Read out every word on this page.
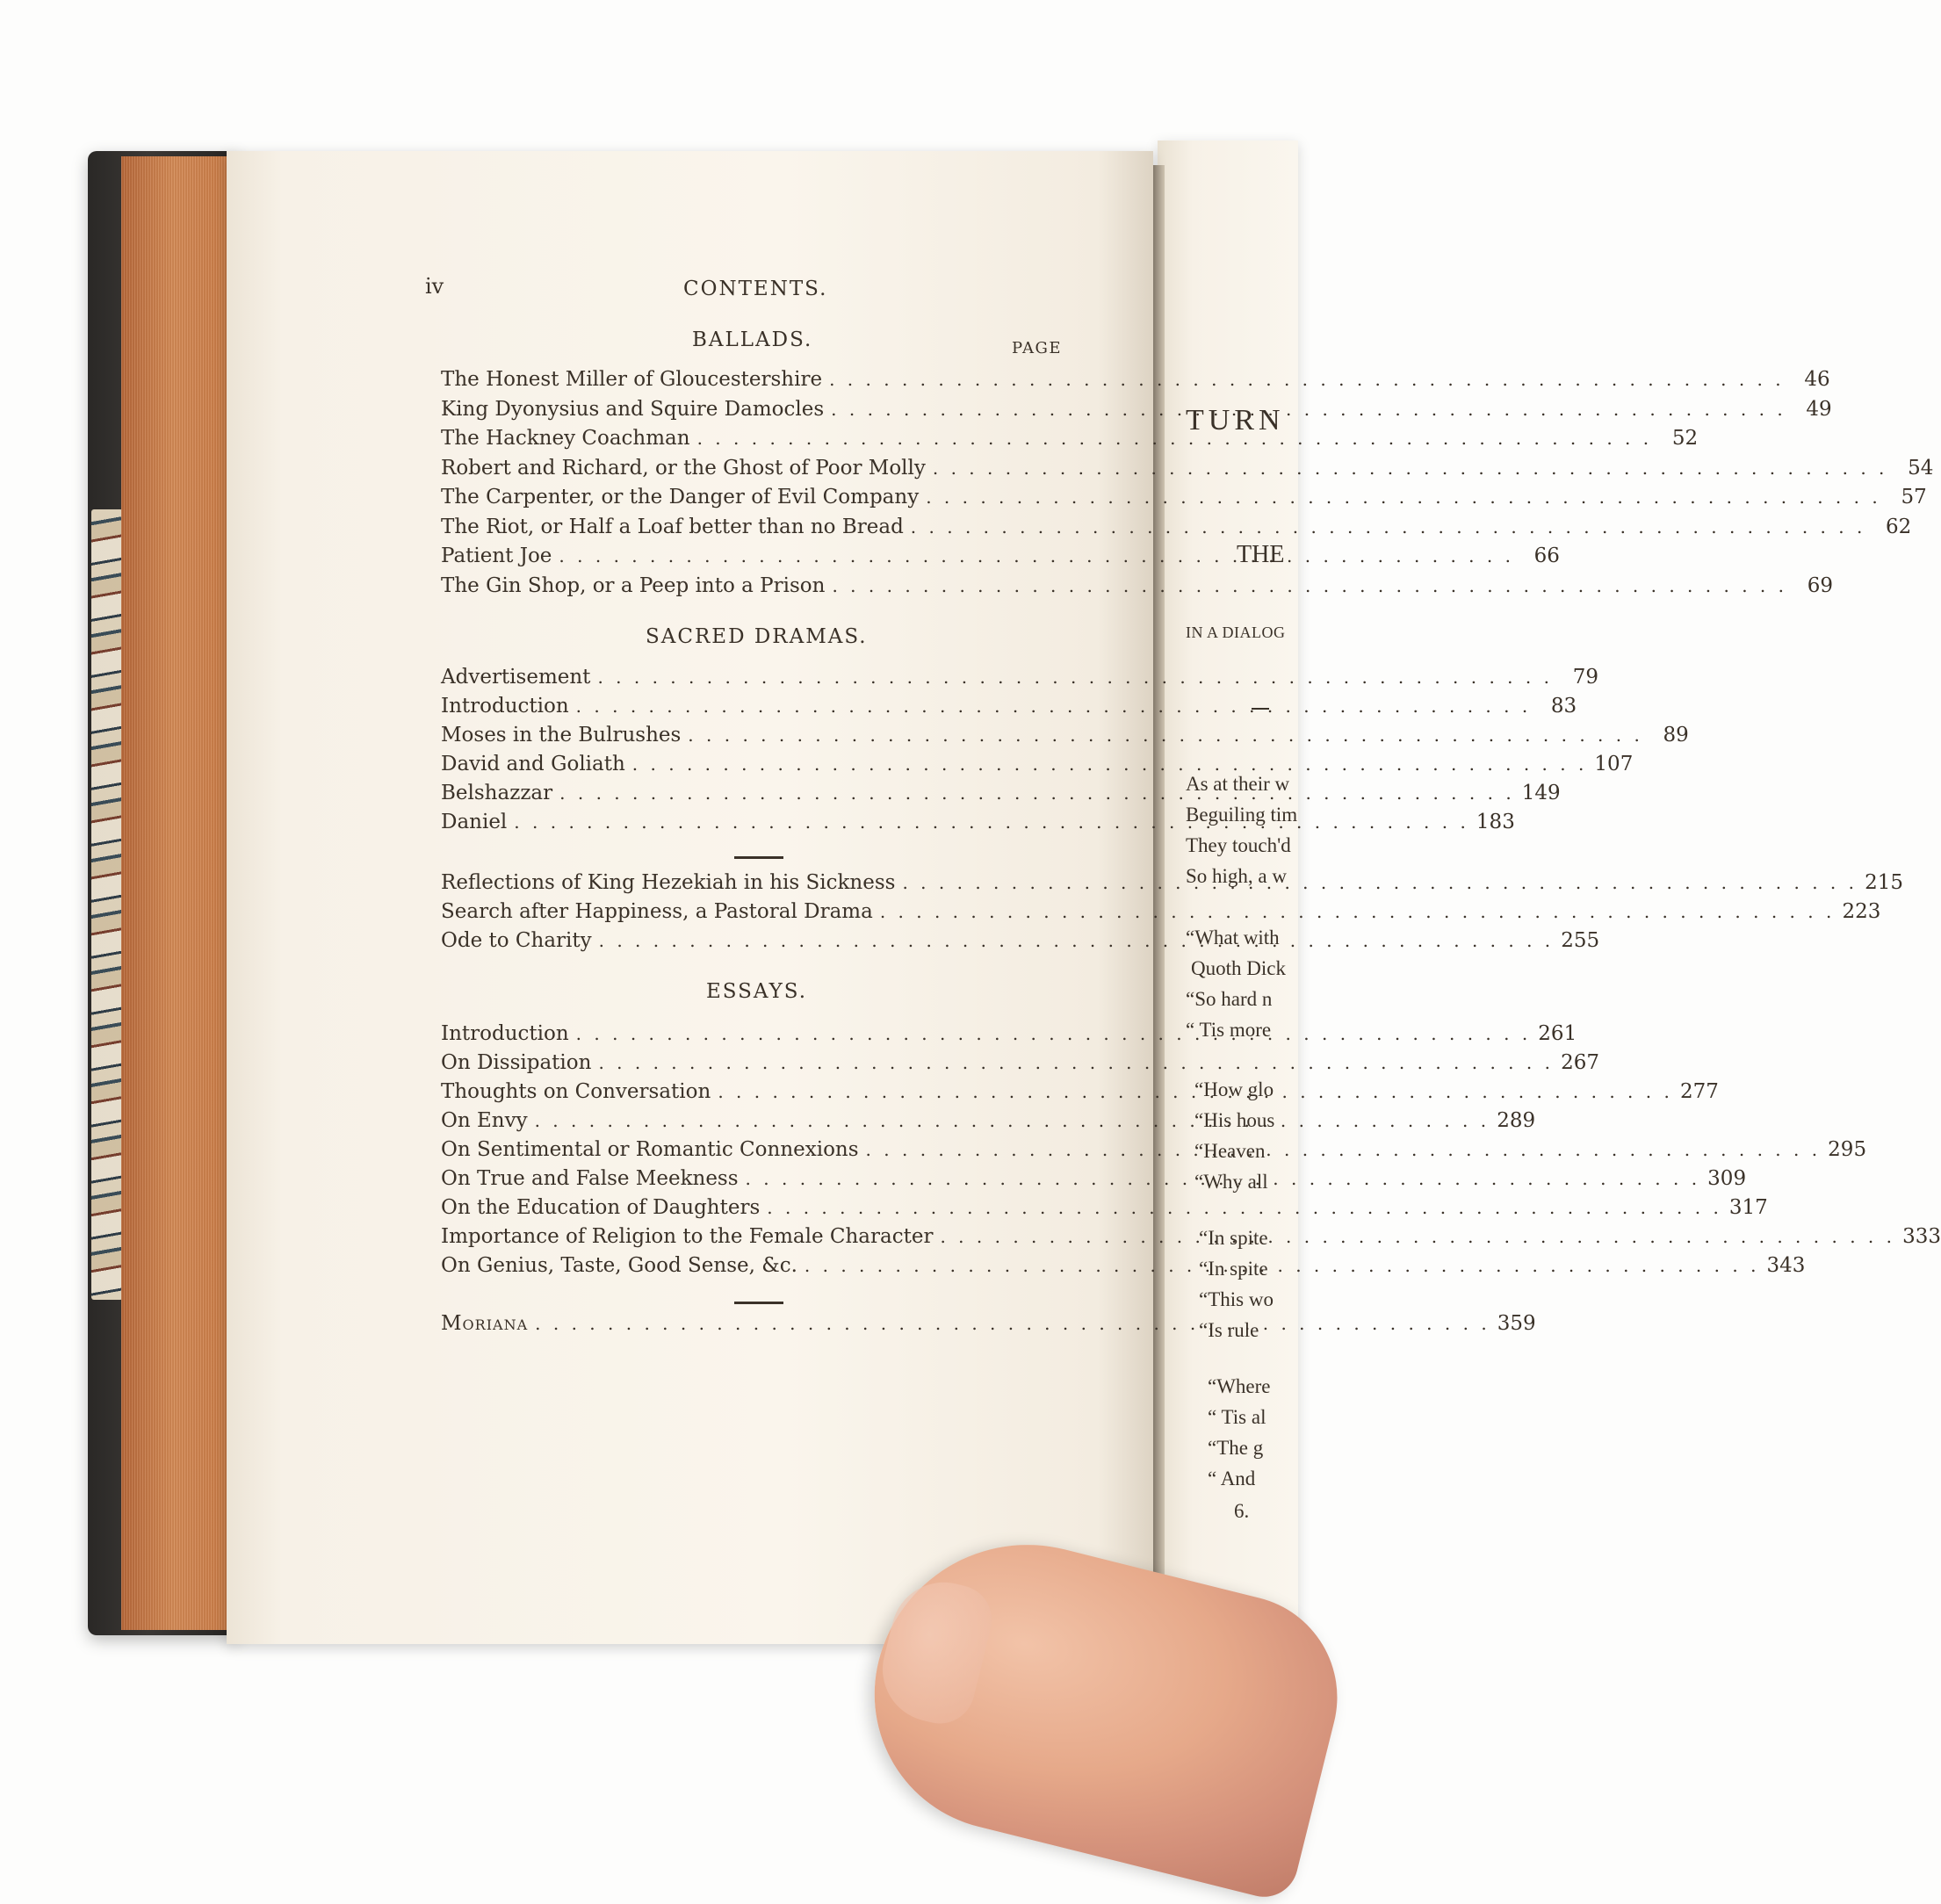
iv	CONTENTS.
BALLADS.	PAGE
The Honest Miller of Gloucestershire . . .	46
King Dyonysius and Squire Damocles . . .	49
The Hackney Coachman . . .	52
Robert and Richard, or the Ghost of Poor Molly . . .	54
The Carpenter, or the Danger of Evil Company . . .	57
The Riot, or Half a Loaf better than no Bread . . .	62
Patient Joe . . .	66
The Gin Shop, or a Peep into a Prison . . .	69
SACRED DRAMAS.
Advertisement . . .	79
Introduction . . .	83
Moses in the Bulrushes . . .	89
David and Goliath . . .	107
Belshazzar . . .	149
Daniel . . .	183
Reflections of King Hezekiah in his Sickness . . .	215
Search after Happiness, a Pastoral Drama . . .	223
Ode to Charity . . .	255
ESSAYS.
Introduction . . .	261
On Dissipation . . .	267
Thoughts on Conversation . . .	277
On Envy . . .	289
On Sentimental or Romantic Connexions . . .	295
On True and False Meekness . . .	309
On the Education of Daughters . . .	317
Importance of Religion to the Female Character . . .	333
On Genius, Taste, Good Sense, &c. . . .	343
Moriana . . .	359
TURN
THE
IN A DIALOG
As at their w
Beguiling tim
They touch'd
So high, a w
“What with
Quoth Dick
“So hard n
“ Tis more
“How glo
“His hous
“Heaven
“Why all
“In spite
“In spite
“This wo
“Is rule
“Where
“ Tis al
“The g
“ And
6.
